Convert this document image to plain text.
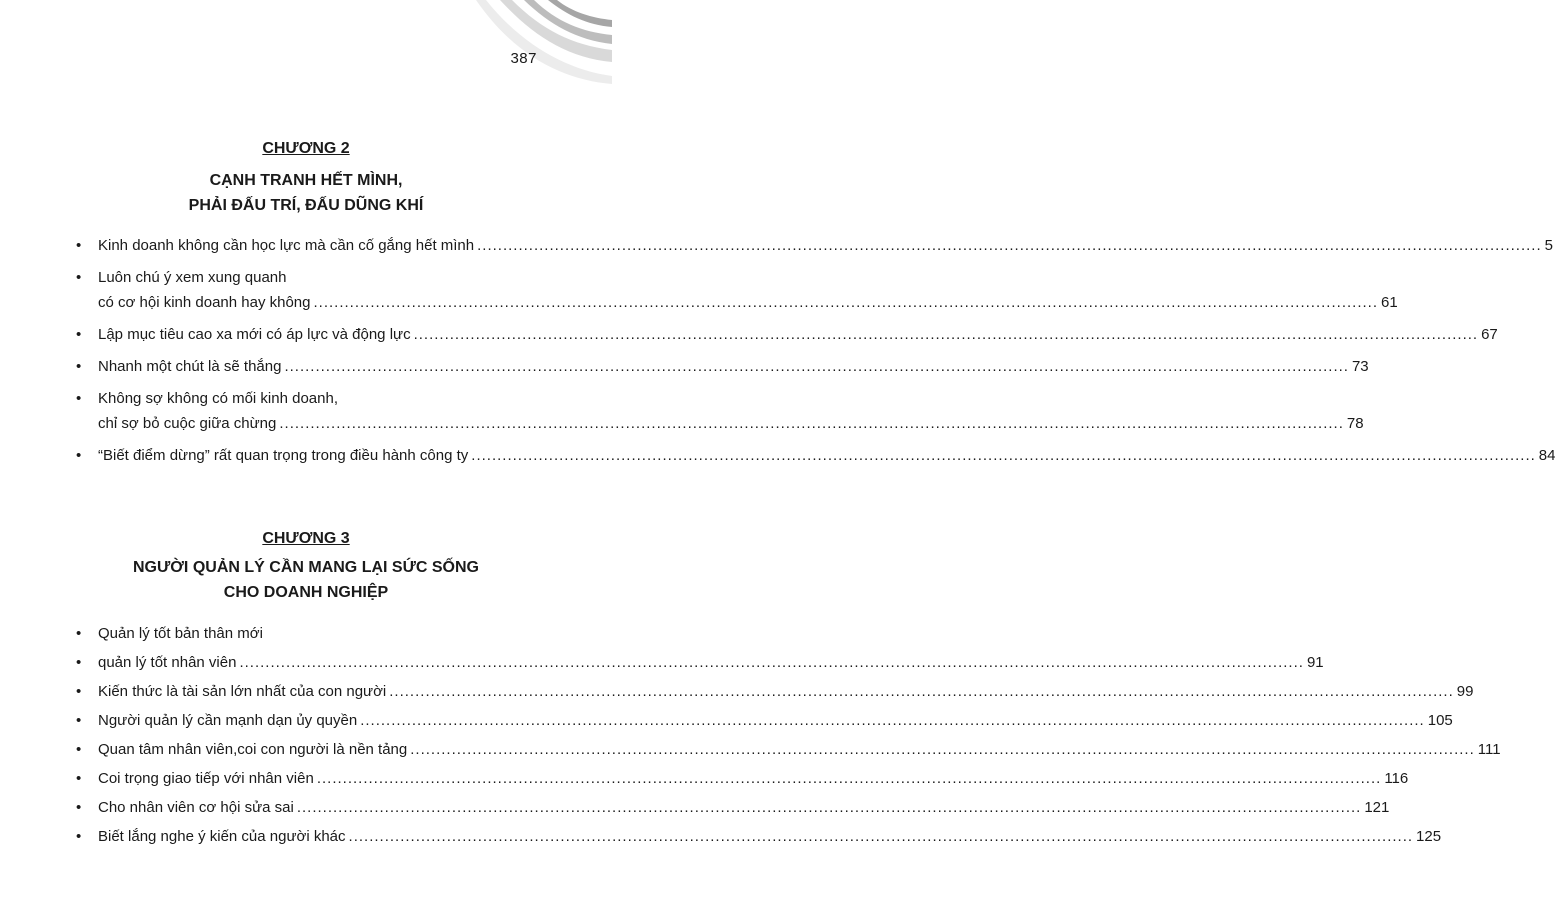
387
CHƯƠNG 2
CẠNH TRANH HẾT MÌNH,
PHẢI ĐẤU TRÍ, ĐẤU DŨNG KHÍ
• Kinh doanh không cần học lực mà cần cố gắng hết mình .............................................................................................................................................................................................................. 5
• Luôn chú ý xem xung quanh
có cơ hội kinh doanh hay không .............................................................................................................................................................................................................. 61
• Lập mục tiêu cao xa mới có áp lực và động lực .............................................................................................................................................................................................................. 67
• Nhanh một chút là sẽ thắng .............................................................................................................................................................................................................. 73
• Không sợ không có mối kinh doanh,
chỉ sợ bỏ cuộc giữa chừng .............................................................................................................................................................................................................. 78
• “Biết điểm dừng” rất quan trọng trong điều hành công ty .............................................................................................................................................................................................................. 84
CHƯƠNG 3
NGƯỜI QUẢN LÝ CẦN MANG LẠI SỨC SỐNG
CHO DOANH NGHIỆP
• Quản lý tốt bản thân mới
• quản lý tốt nhân viên .............................................................................................................................................................................................................. 91
• Kiến thức là tài sản lớn nhất của con người .............................................................................................................................................................................................................. 99
• Người quản lý cần mạnh dạn ủy quyền .............................................................................................................................................................................................................. 105
• Quan tâm nhân viên,coi con người là nền tảng .............................................................................................................................................................................................................. 111
• Coi trọng giao tiếp với nhân viên .............................................................................................................................................................................................................. 116
• Cho nhân viên cơ hội sửa sai .............................................................................................................................................................................................................. 121
• Biết lắng nghe ý kiến của người khác .............................................................................................................................................................................................................. 125
